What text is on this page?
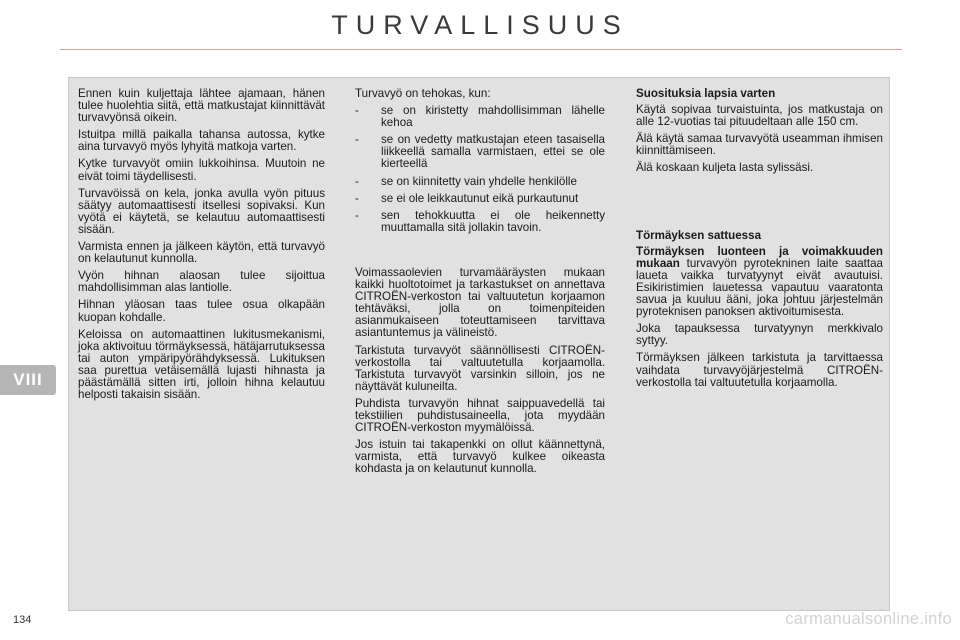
TURVALLISUUS
VIII

Ennen kuin kuljettaja lähtee ajamaan, hänen tulee huolehtia siitä, että matkustajat kiinnittävät turvavyönsä oikein.

Istuitpa millä paikalla tahansa autossa, kytke aina turvavyö myös lyhyitä matkoja varten.

Kytke turvavyöt omiin lukkoihinsa. Muutoin ne eivät toimi täydellisesti.

Turvavöissä on kela, jonka avulla vyön pituus säätyy automaattisesti itsellesi sopivaksi. Kun vyötä ei käytetä, se kelautuu automaattisesti sisään.

Varmista ennen ja jälkeen käytön, että turvavyö on kelautunut kunnolla.

Vyön hihnan alaosan tulee sijoittua mahdollisimman alas lantiolle.

Hihnan yläosan taas tulee osua olkapään kuopan kohdalle.

Keloissa on automaattinen lukitusmekanismi, joka aktivoituu törmäyksessä, hätäjarrutuksessa tai auton ympäripyörähdyksessä. Lukituksen saa purettua vetäisemällä lujasti hihnasta ja päästämällä sitten irti, jolloin hihna kelautuu helposti takaisin sisään.

Turvavyö on tehokas, kun:

- se on kiristetty mahdollisimman lähelle kehoa
- se on vedetty matkustajan eteen tasaisella liikkeellä samalla varmistaen, ettei se ole kierteellä
- se on kiinnitetty vain yhdelle henkilölle
- se ei ole leikkautunut eikä purkautunut
- sen tehokkuutta ei ole heikennetty muuttamalla sitä jollakin tavoin.

Voimassaolevien turvamääräysten mukaan kaikki huoltotoimet ja tarkastukset on annettava CITROËN-verkoston tai valtuutetun korjaamon tehtäväksi, jolla on toimenpiteiden asianmukaiseen toteuttamiseen tarvittava asiantuntemus ja välineistö.

Tarkistuta turvavyöt säännöllisesti CITROËN-verkostolla tai valtuutetulla korjaamolla. Tarkistuta turvavyöt varsinkin silloin, jos ne näyttävät kuluneilta.

Puhdista turvavyön hihnat saippuavedellä tai tekstiilien puhdistusaineella, jota myydään CITROËN-verkoston myymälöissä.

Jos istuin tai takapenkki on ollut käännettynä, varmista, että turvavyö kulkee oikeasta kohdasta ja on kelautunut kunnolla.

Suosituksia lapsia varten

Käytä sopivaa turvaistuinta, jos matkustaja on alle 12-vuotias tai pituudeltaan alle 150 cm.

Älä käytä samaa turvavyötä useamman ihmisen kiinnittämiseen.

Älä koskaan kuljeta lasta sylissäsi.

Törmäyksen sattuessa

Törmäyksen luonteen ja voimakkuuden mukaan turvavyön pyrotekninen laite saattaa laueta vaikka turvatyynyt eivät avautuisi. Esikiristimien lauetessa vapautuu vaaratonta savua ja kuuluu ääni, joka johtuu järjestelmän pyroteknisen panoksen aktivoitumisesta.

Joka tapauksessa turvatyynyn merkkivalo syttyy.

Törmäyksen jälkeen tarkistuta ja tarvittaessa vaihdata turvavyöjärjestelmä CITROËN-verkostolla tai valtuutetulla korjaamolla.

134	carmanualsonline.info
